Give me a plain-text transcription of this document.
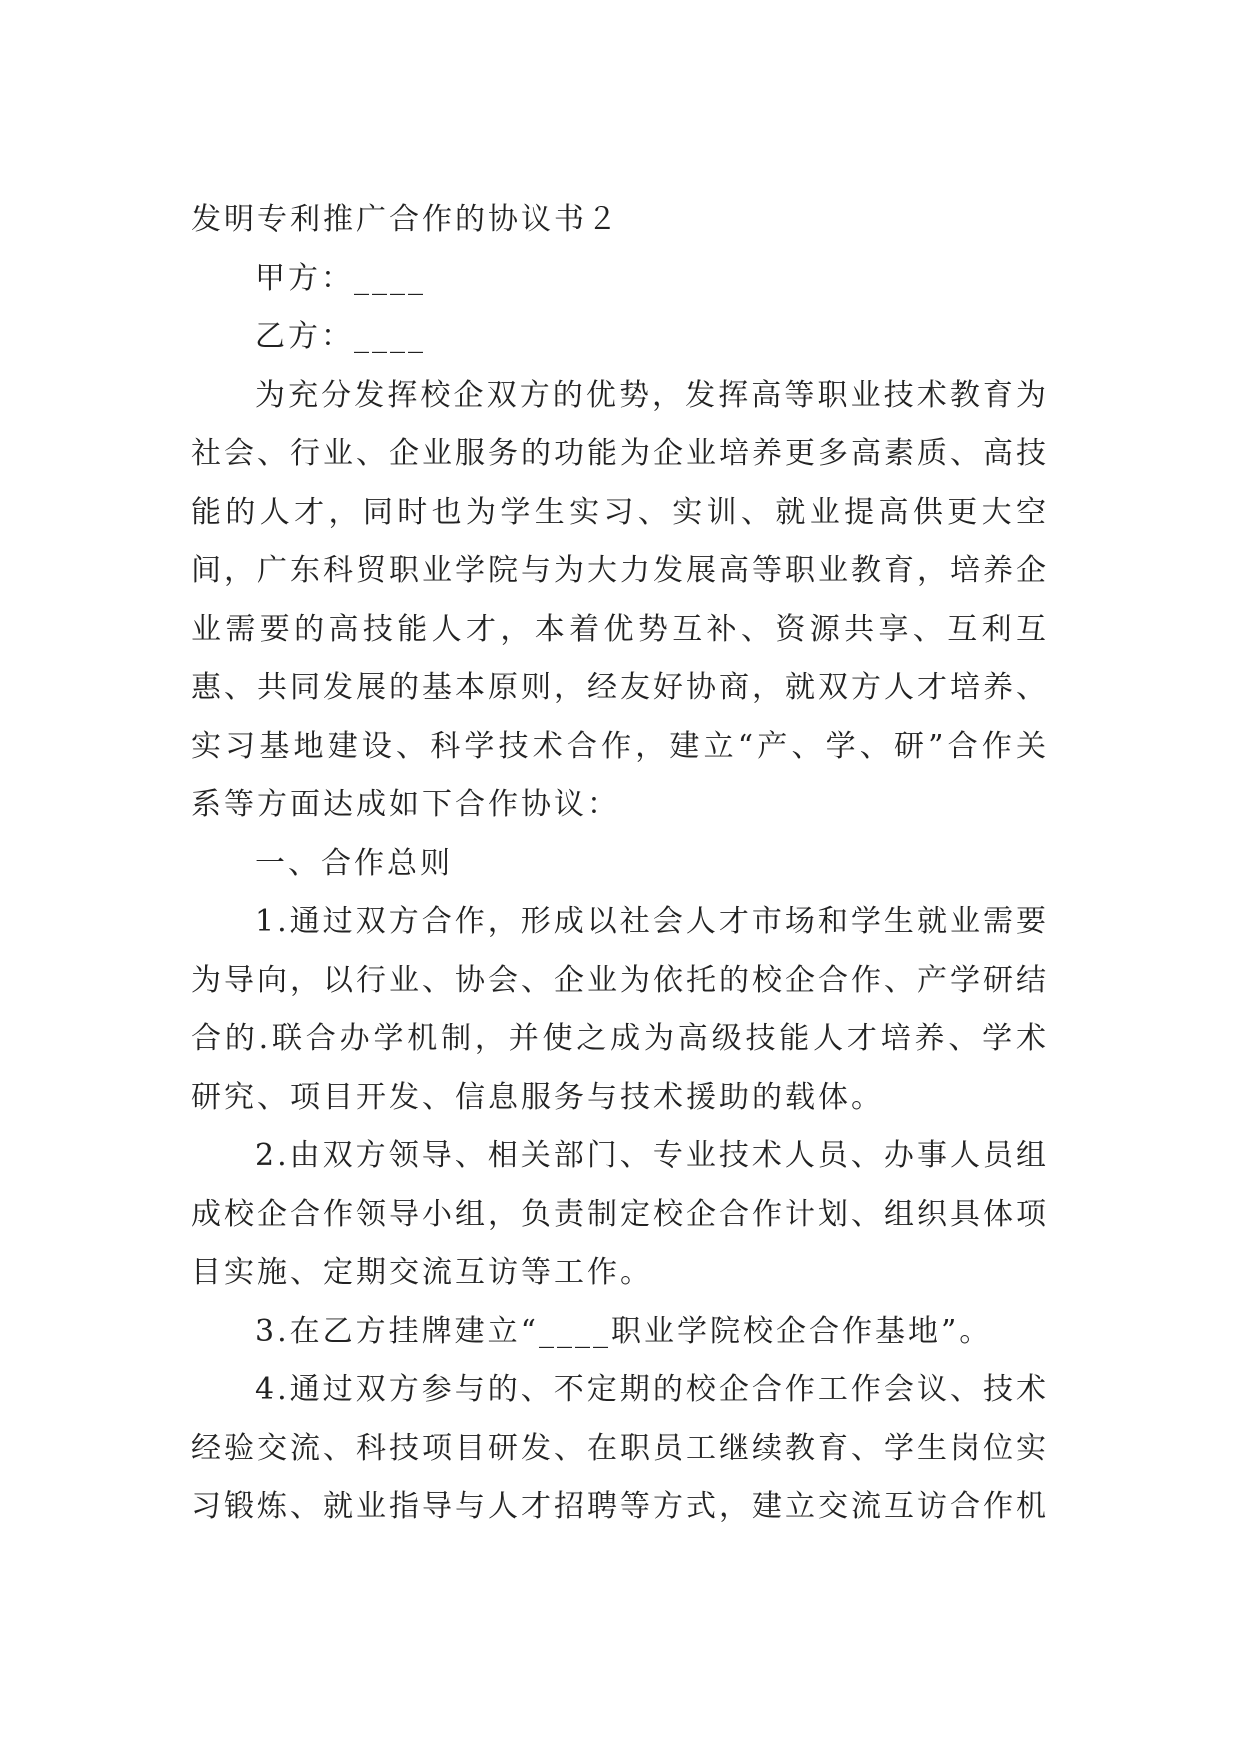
发明专利推广合作的协议书２

甲方：____

乙方：____

为充分发挥校企双方的优势，发挥高等职业技术教育为社会、行业、企业服务的功能为企业培养更多高素质、高技能的人才，同时也为学生实习、实训、就业提高供更大空间，广东科贸职业学院与为大力发展高等职业教育，培养企业需要的高技能人才，本着优势互补、资源共享、互利互惠、共同发展的基本原则，经友好协商，就双方人才培养、实习基地建设、科学技术合作，建立“产、学、研”合作关系等方面达成如下合作协议：

一、合作总则

1.通过双方合作，形成以社会人才市场和学生就业需要为导向，以行业、协会、企业为依托的校企合作、产学研结合的.联合办学机制，并使之成为高级技能人才培养、学术研究、项目开发、信息服务与技术援助的载体。

2.由双方领导、相关部门、专业技术人员、办事人员组成校企合作领导小组，负责制定校企合作计划、组织具体项目实施、定期交流互访等工作。

3.在乙方挂牌建立“____职业学院校企合作基地”。

4.通过双方参与的、不定期的校企合作工作会议、技术经验交流、科技项目研发、在职员工继续教育、学生岗位实习锻炼、就业指导与人才招聘等方式，建立交流互访合作机
